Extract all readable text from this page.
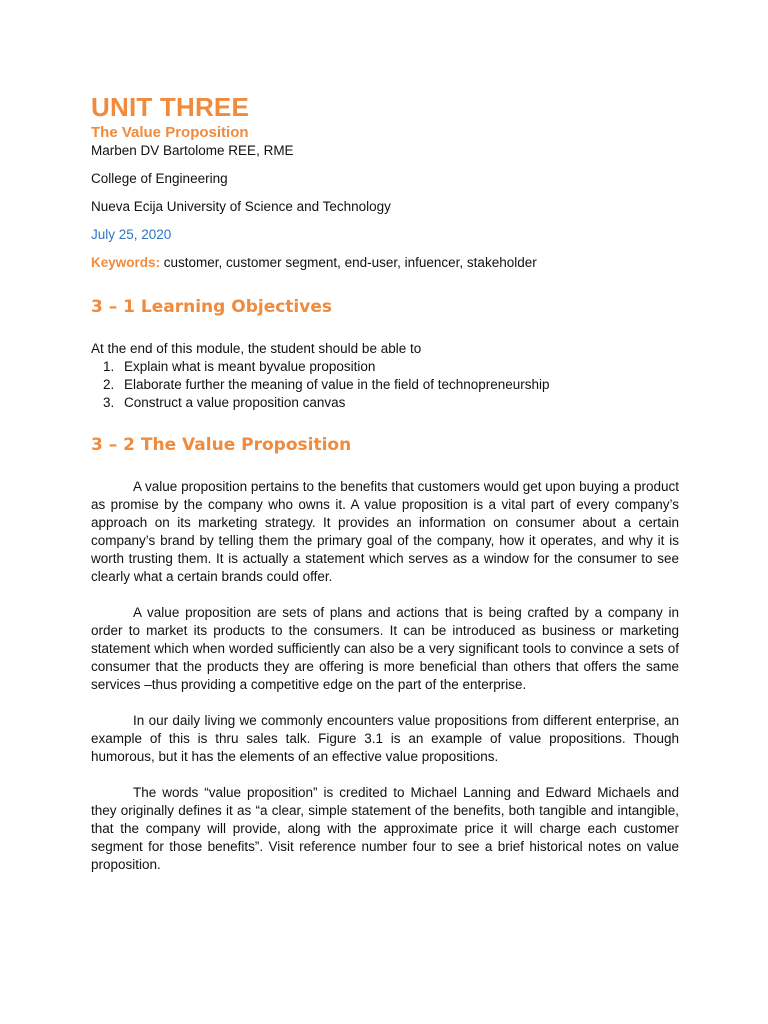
UNIT THREE
The Value Proposition

Marben DV Bartolome REE, RME

College of Engineering

Nueva Ecija University of Science and Technology

July 25, 2020

Keywords: customer, customer segment, end-user, infuencer, stakeholder

3 – 1 Learning Objectives

At the end of this module, the student should be able to

1. Explain what is meant byvalue proposition
2. Elaborate further the meaning of value in the field of technopreneurship
3. Construct a value proposition canvas
3 – 2 The Value Proposition

A value proposition pertains to the benefits that customers would get upon buying a product as promise by the company who owns it. A value proposition is a vital part of every company’s approach on its marketing strategy. It provides an information on consumer about a certain company’s brand by telling them the primary goal of the company, how it operates, and why it is worth trusting them. It is actually a statement which serves as a window for the consumer to see clearly what a certain brands could offer.

A value proposition are sets of plans and actions that is being crafted by a company in order to market its products to the consumers. It can be introduced as business or marketing statement which when worded sufficiently can also be a very significant tools to convince a sets of consumer that the products they are offering is more beneficial than others that offers the same services –thus providing a competitive edge on the part of the enterprise.

In our daily living we commonly encounters value propositions from different enterprise, an example of this is thru sales talk. Figure 3.1 is an example of value propositions. Though humorous, but it has the elements of an effective value propositions.

The words “value proposition” is credited to Michael Lanning and Edward Michaels and they originally defines it as “a clear, simple statement of the benefits, both tangible and intangible, that the company will provide, along with the approximate price it will charge each customer segment for those benefits”. Visit reference number four to see a brief historical notes on value proposition.
